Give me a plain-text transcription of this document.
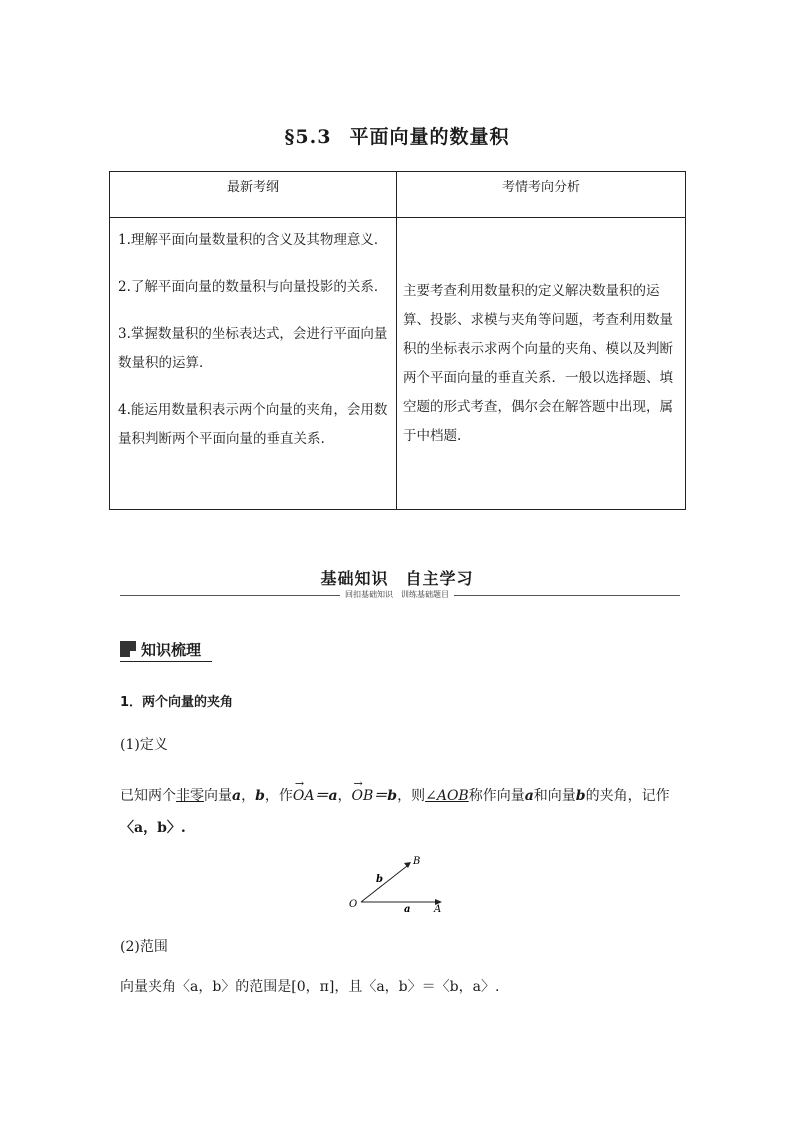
§5.3 平面向量的数量积
最新考纲	考情考向分析

1.理解平面向量数量积的含义及其物理意义．

2.了解平面向量的数量积与向量投影的关系．

3.掌握数量积的坐标表达式，会进行平面向量数量积的运算．

4.能运用数量积表示两个向量的夹角，会用数量积判断两个平面向量的垂直关系.	主要考查利用数量积的定义解决数量积的运算、投影、求模与夹角等问题，考查利用数量积的坐标表示求两个向量的夹角、模以及判断两个平面向量的垂直关系．一般以选择题、填空题的形式考查，偶尔会在解答题中出现，属于中档题.
基础知识　自主学习
回扣基础知识　训练基础题目
知识梳理
1．两个向量的夹角
(1)定义
已知两个非零向量a，b，作→ OA＝a，→ OB＝b，则∠AOB称作向量a和向量b的夹角，记作
〈a，b〉.
O	A
B
a
b
(2)范围
向量夹角〈a，b〉的范围是[0，π]，且〈a，b〉＝〈b，a〉.
